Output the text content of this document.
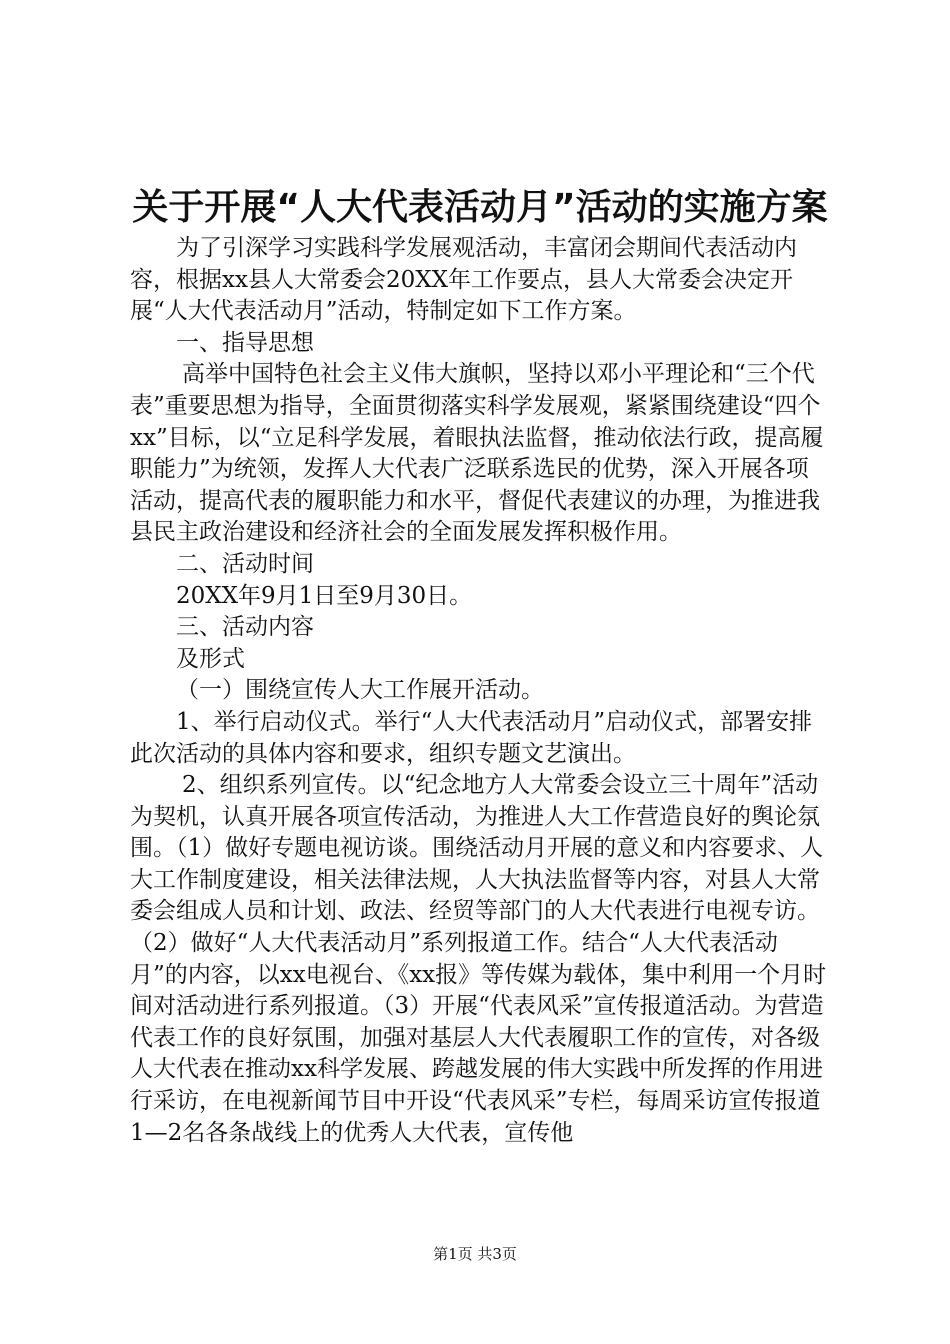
关于开展“人大代表活动月”活动的实施方案

为了引深学习实践科学发展观活动，丰富闭会期间代表活动内容，根据xx县人大常委会20XX年工作要点，县人大常委会决定开展“人大代表活动月”活动，特制定如下工作方案。

一、指导思想

高举中国特色社会主义伟大旗帜，坚持以邓小平理论和“三个代表”重要思想为指导，全面贯彻落实科学发展观，紧紧围绕建设“四个xx”目标，以“立足科学发展，着眼执法监督，推动依法行政，提高履职能力”为统领，发挥人大代表广泛联系选民的优势，深入开展各项活动，提高代表的履职能力和水平，督促代表建议的办理，为推进我县民主政治建设和经济社会的全面发展发挥积极作用。

二、活动时间

20XX年9月1日至9月30日。

三、活动内容

及形式

（一）围绕宣传人大工作展开活动。

1、举行启动仪式。举行“人大代表活动月”启动仪式，部署安排此次活动的具体内容和要求，组织专题文艺演出。

2、组织系列宣传。以“纪念地方人大常委会设立三十周年”活动为契机，认真开展各项宣传活动，为推进人大工作营造良好的舆论氛围。（1）做好专题电视访谈。围绕活动月开展的意义和内容要求、人大工作制度建设，相关法律法规，人大执法监督等内容，对县人大常委会组成人员和计划、政法、经贸等部门的人大代表进行电视专访。（2）做好“人大代表活动月”系列报道工作。结合“人大代表活动月”的内容，以xx电视台、《xx报》等传媒为载体，集中利用一个月时间对活动进行系列报道。（3）开展“代表风采”宣传报道活动。为营造代表工作的良好氛围，加强对基层人大代表履职工作的宣传，对各级人大代表在推动xx科学发展、跨越发展的伟大实践中所发挥的作用进行采访，在电视新闻节目中开设“代表风采”专栏，每周采访宣传报道1—2名各条战线上的优秀人大代表，宣传他

第1页 共3页
